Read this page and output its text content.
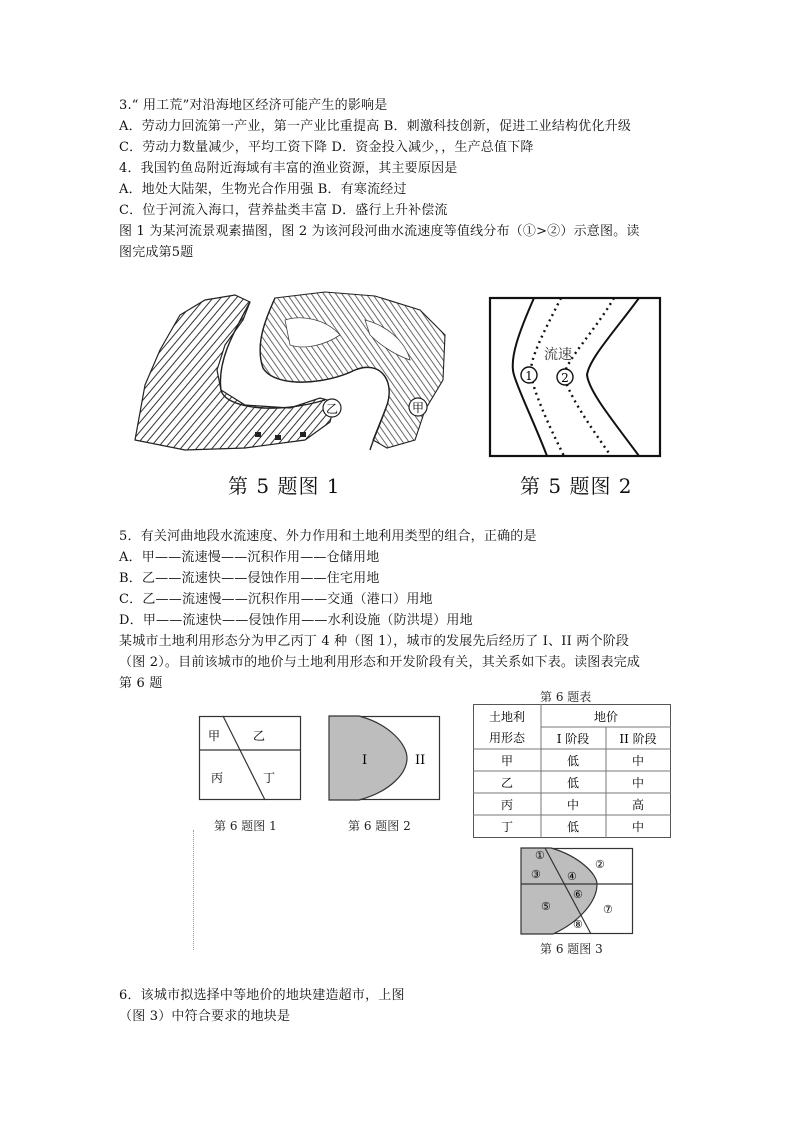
3.“ 用工荒”对沿海地区经济可能产生的影响是
A．劳动力回流第一产业，第一产业比重提高 B．刺激科技创新，促进工业结构优化升级
C．劳动力数量减少，平均工资下降 D．资金投入减少，，生产总值下降
4．我国钓鱼岛附近海域有丰富的渔业资源，其主要原因是
A．地处大陆架，生物光合作用强 B．有寒流经过
C．位于河流入海口，营养盐类丰富 D．盛行上升补偿流
图 1 为某河流景观素描图，图 2 为该河段河曲水流速度等值线分布（①>②）示意图。读
图完成第5题
乙	甲
第 5 题图 1
流速
1 2
第 5 题图 2
5．有关河曲地段水流速度、外力作用和土地利用类型的组合，正确的是
A．甲——流速慢——沉积作用——仓储用地
B．乙——流速快——侵蚀作用——住宅用地
C．乙——流速慢——沉积作用——交通（港口）用地
D．甲——流速快——侵蚀作用——水利设施（防洪堤）用地
某城市土地利用形态分为甲乙丙丁 4 种（图 1），城市的发展先后经历了 I、II 两个阶段
（图 2）。目前该城市的地价与土地利用形态和开发阶段有关，其关系如下表。读图表完成
第 6 题
甲	乙
丙	丁
第 6 题图 1
I	II
第 6 题图 2
第 6 题表
土地利
用形态
地价
I 阶段	II 阶段
甲	低	中
乙	低	中
丙	中	高
丁	低	中
①
②
③ ④
⑤
⑥
⑦
⑧
第 6 题图 3
6．该城市拟选择中等地价的地块建造超市，上图
（图 3）中符合要求的地块是
